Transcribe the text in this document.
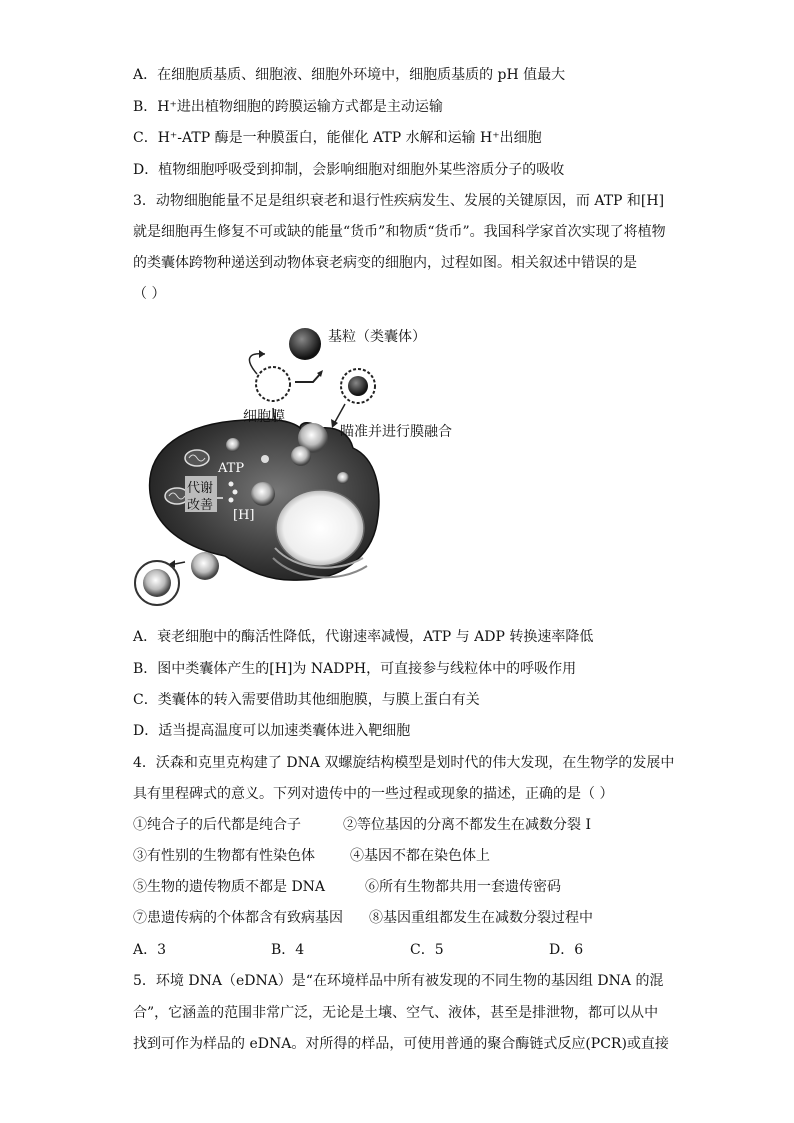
A．在细胞质基质、细胞液、细胞外环境中，细胞质基质的 pH 值最大
B．H⁺进出植物细胞的跨膜运输方式都是主动运输
C．H⁺-ATP 酶是一种膜蛋白，能催化 ATP 水解和运输 H⁺出细胞
D．植物细胞呼吸受到抑制，会影响细胞对细胞外某些溶质分子的吸收
3．动物细胞能量不足是组织衰老和退行性疾病发生、发展的关键原因，而 ATP 和[H]
就是细胞再生修复不可或缺的能量“货币”和物质“货币”。我国科学家首次实现了将植物
的类囊体跨物种递送到动物体衰老病变的细胞内，过程如图。相关叙述中错误的是
（ ）
基粒（类囊体）
细胞膜
瞄准并进行膜融合
ATP
[H]
代谢
改善
A．衰老细胞中的酶活性降低，代谢速率减慢，ATP 与 ADP 转换速率降低
B．图中类囊体产生的[H]为 NADPH，可直接参与线粒体中的呼吸作用
C．类囊体的转入需要借助其他细胞膜，与膜上蛋白有关
D．适当提高温度可以加速类囊体进入靶细胞
4．沃森和克里克构建了 DNA 双螺旋结构模型是划时代的伟大发现，在生物学的发展中
具有里程碑式的意义。下列对遗传中的一些过程或现象的描述，正确的是（ ）
①纯合子的后代都是纯合子	②等位基因的分离不都发生在减数分裂 I
③有性别的生物都有性染色体	④基因不都在染色体上
⑤生物的遗传物质不都是 DNA	⑥所有生物都共用一套遗传密码
⑦患遗传病的个体都含有致病基因 ⑧基因重组都发生在减数分裂过程中
A．3	B．4	C．5	D．6
5．环境 DNA（eDNA）是“在环境样品中所有被发现的不同生物的基因组 DNA 的混
合”，它涵盖的范围非常广泛，无论是土壤、空气、液体，甚至是排泄物，都可以从中
找到可作为样品的 eDNA。对所得的样品，可使用普通的聚合酶链式反应(PCR)或直接
